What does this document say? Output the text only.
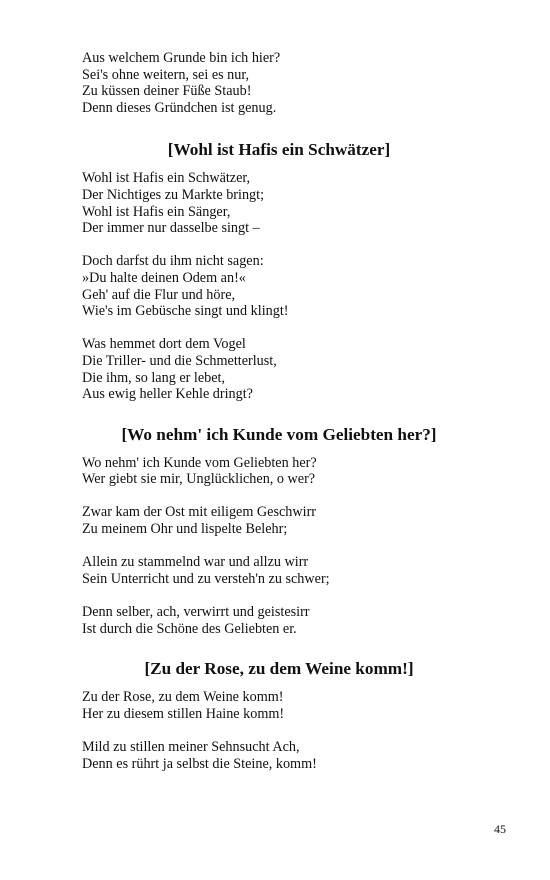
Aus welchem Grunde bin ich hier?
Sei's ohne weitern, sei es nur,
Zu küssen deiner Füße Staub!
Denn dieses Gründchen ist genug.
[Wohl ist Hafis ein Schwätzer]
Wohl ist Hafis ein Schwätzer,
Der Nichtiges zu Markte bringt;
Wohl ist Hafis ein Sänger,
Der immer nur dasselbe singt –
Doch darfst du ihm nicht sagen:
»Du halte deinen Odem an!«
Geh' auf die Flur und höre,
Wie's im Gebüsche singt und klingt!
Was hemmet dort dem Vogel
Die Triller- und die Schmetterlust,
Die ihm, so lang er lebet,
Aus ewig heller Kehle dringt?
[Wo nehm' ich Kunde vom Geliebten her?]
Wo nehm' ich Kunde vom Geliebten her?
Wer giebt sie mir, Unglücklichen, o wer?
Zwar kam der Ost mit eiligem Geschwirr
Zu meinem Ohr und lispelte Belehr;
Allein zu stammelnd war und allzu wirr
Sein Unterricht und zu versteh'n zu schwer;
Denn selber, ach, verwirrt und geistesirr
Ist durch die Schöne des Geliebten er.
[Zu der Rose, zu dem Weine komm!]
Zu der Rose, zu dem Weine komm!
Her zu diesem stillen Haine komm!
Mild zu stillen meiner Sehnsucht Ach,
Denn es rührt ja selbst die Steine, komm!
45
